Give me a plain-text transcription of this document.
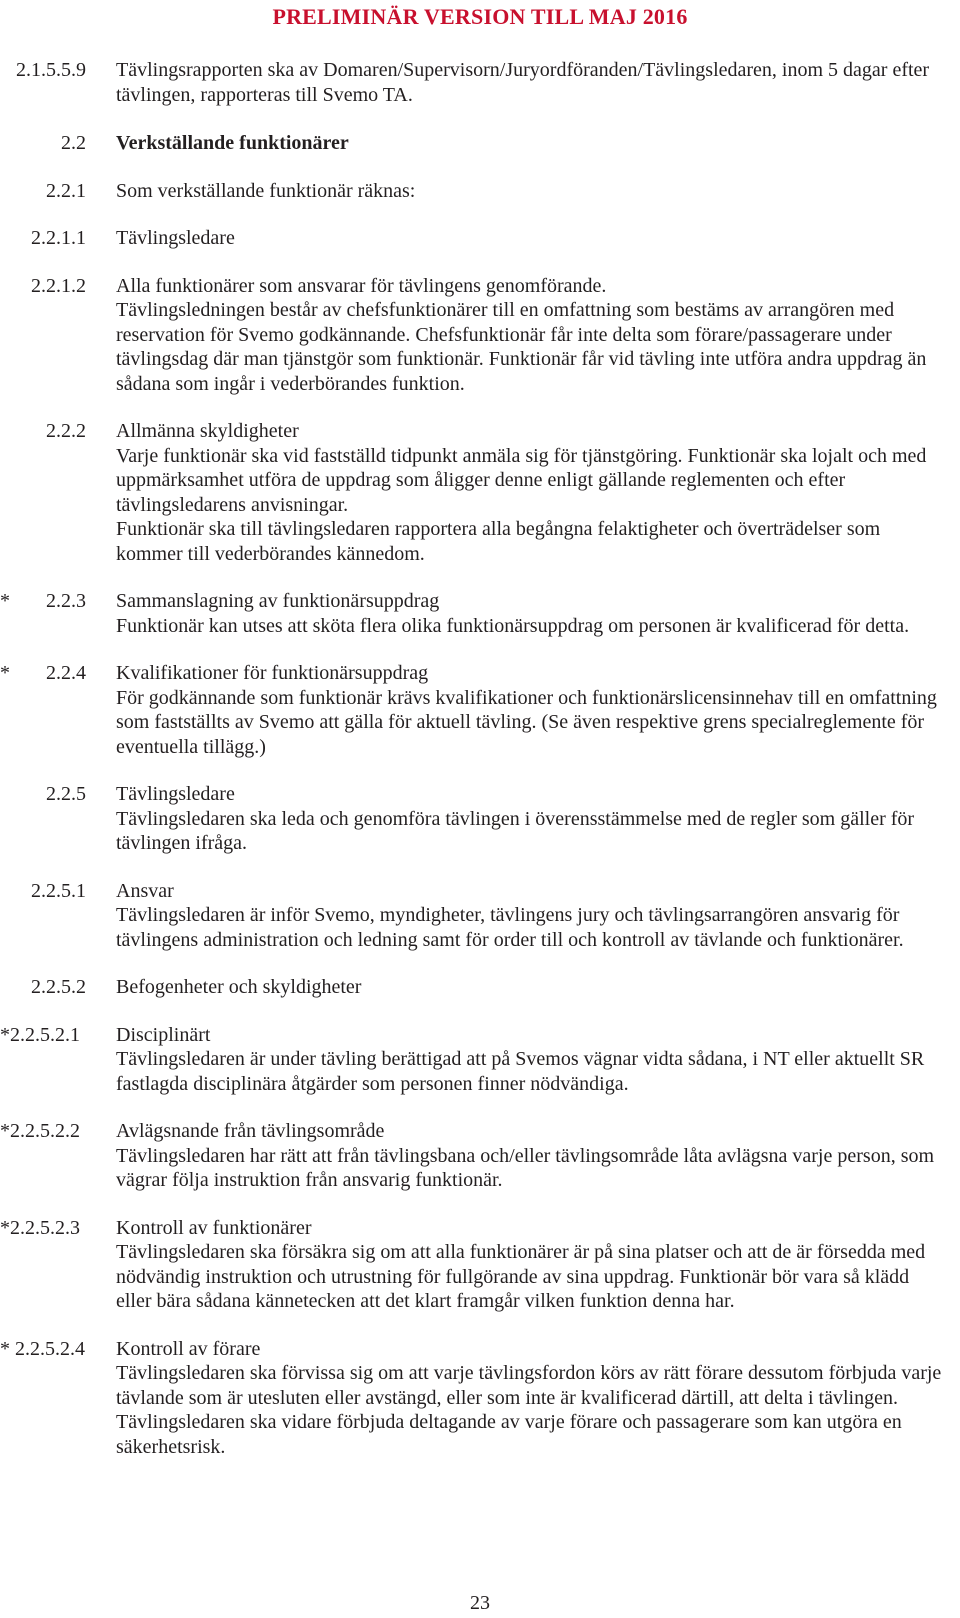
PRELIMINÄR VERSION TILL MAJ 2016
2.1.5.5.9 Tävlingsrapporten ska av Domaren/Supervisorn/Juryordföranden/Tävlingsledaren, inom 5 dagar efter tävlingen, rapporteras till Svemo TA.
2.2 Verkställande funktionärer
2.2.1 Som verkställande funktionär räknas:
2.2.1.1 Tävlingsledare
2.2.1.2 Alla funktionärer som ansvarar för tävlingens genomförande.
Tävlingsledningen består av chefsfunktionärer till en omfattning som bestäms av arrangören med reservation för Svemo godkännande. Chefsfunktionär får inte delta som förare/passagerare under tävlingsdag där man tjänstgör som funktionär. Funktionär får vid tävling inte utföra andra uppdrag än sådana som ingår i vederbörandes funktion.
2.2.2 Allmänna skyldigheter
Varje funktionär ska vid fastställd tidpunkt anmäla sig för tjänstgöring. Funktionär ska lojalt och med uppmärksamhet utföra de uppdrag som åligger denne enligt gällande reglementen och efter tävlingsledarens anvisningar.
Funktionär ska till tävlingsledaren rapportera alla begångna felaktigheter och överträdelser som kommer till vederbörandes kännedom.
*	2.2.3 Sammanslagning av funktionärsuppdrag
Funktionär kan utses att sköta flera olika funktionärsuppdrag om personen är kvalificerad för detta.
*	2.2.4 Kvalifikationer för funktionärsuppdrag
För godkännande som funktionär krävs kvalifikationer och funktionärslicensinnehav till en omfattning som fastställts av Svemo att gälla för aktuell tävling. (Se även respektive grens specialreglemente för eventuella tillägg.)
2.2.5 Tävlingsledare
Tävlingsledaren ska leda och genomföra tävlingen i överensstämmelse med de regler som gäller för tävlingen ifråga.
2.2.5.1 Ansvar
Tävlingsledaren är inför Svemo, myndigheter, tävlingens jury och tävlingsarrangören ansvarig för tävlingens administration och ledning samt för order till och kontroll av tävlande och funktionärer.
2.2.5.2 Befogenheter och skyldigheter
*2.2.5.2.1 Disciplinärt
Tävlingsledaren är under tävling berättigad att på Svemos vägnar vidta sådana, i NT eller aktuellt SR fastlagda disciplinära åtgärder som personen finner nödvändiga.
*2.2.5.2.2 Avlägsnande från tävlingsområde
Tävlingsledaren har rätt att från tävlingsbana och/eller tävlingsområde låta avlägsna varje person, som vägrar följa instruktion från ansvarig funktionär.
*2.2.5.2.3 Kontroll av funktionärer
Tävlingsledaren ska försäkra sig om att alla funktionärer är på sina platser och att de är försedda med nödvändig instruktion och utrustning för fullgörande av sina uppdrag. Funktionär bör vara så klädd eller bära sådana kännetecken att det klart framgår vilken funktion denna har.
* 2.2.5.2.4 Kontroll av förare
Tävlingsledaren ska förvissa sig om att varje tävlingsfordon körs av rätt förare dessutom förbjuda varje tävlande som är utesluten eller avstängd, eller som inte är kvalificerad därtill, att delta i tävlingen. Tävlingsledaren ska vidare förbjuda deltagande av varje förare och passagerare som kan utgöra en säkerhetsrisk.
23
